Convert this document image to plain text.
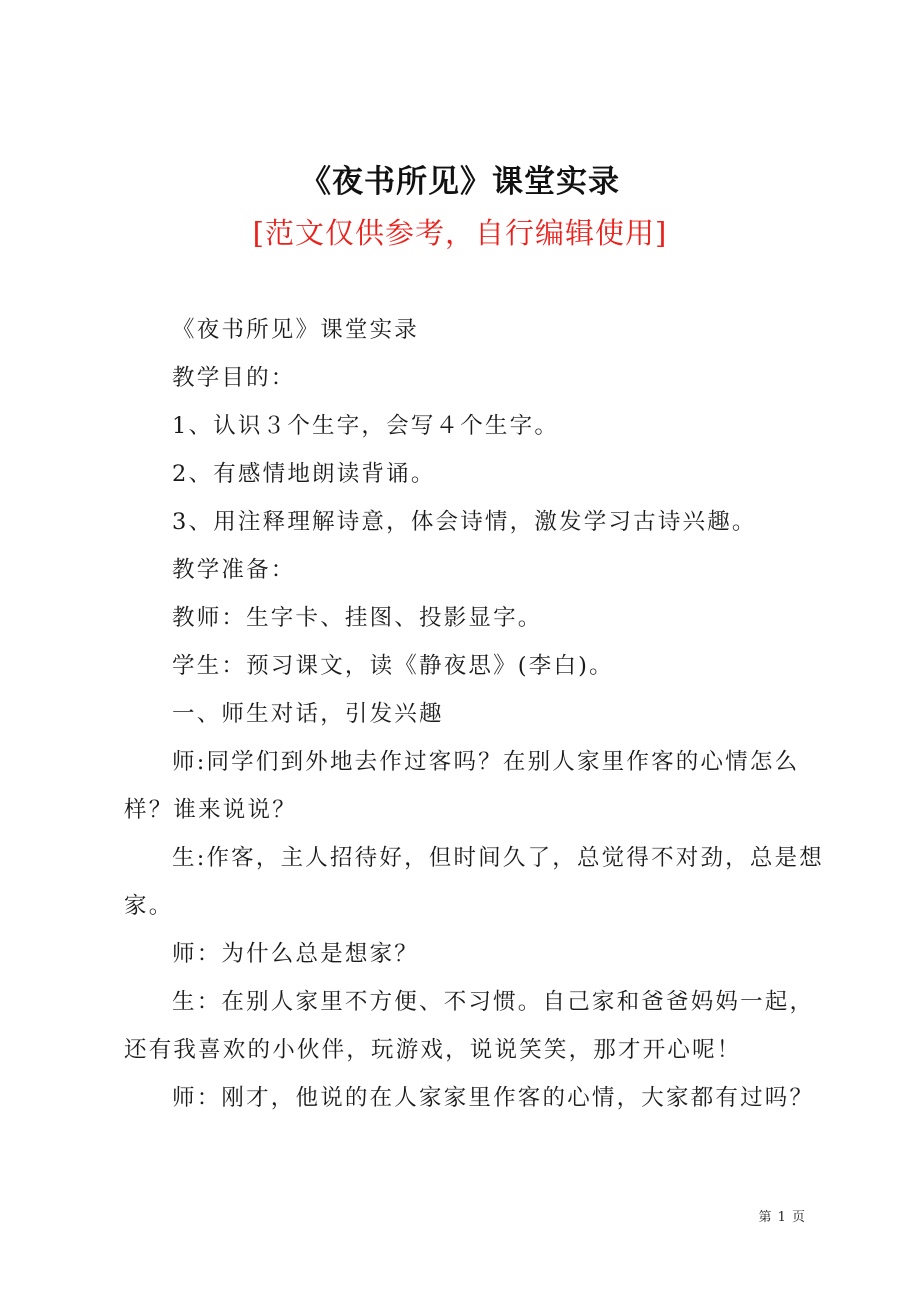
《夜书所见》课堂实录
[范文仅供参考，自行编辑使用]

《夜书所见》课堂实录

教学目的：

1、认识３个生字，会写４个生字。

2、有感情地朗读背诵。

3、用注释理解诗意，体会诗情，激发学习古诗兴趣。

教学准备：

教师：生字卡、挂图、投影显字。

学生：预习课文，读《静夜思》(李白)。

一、师生对话，引发兴趣

师:同学们到外地去作过客吗？在别人家里作客的心情怎么样？谁来说说？

生:作客，主人招待好，但时间久了，总觉得不对劲，总是想家。

师：为什么总是想家？

生：在别人家里不方便、不习惯。自己家和爸爸妈妈一起，还有我喜欢的小伙伴，玩游戏，说说笑笑，那才开心呢！

师：刚才，他说的在人家家里作客的心情，大家都有过吗？

第 1 页
